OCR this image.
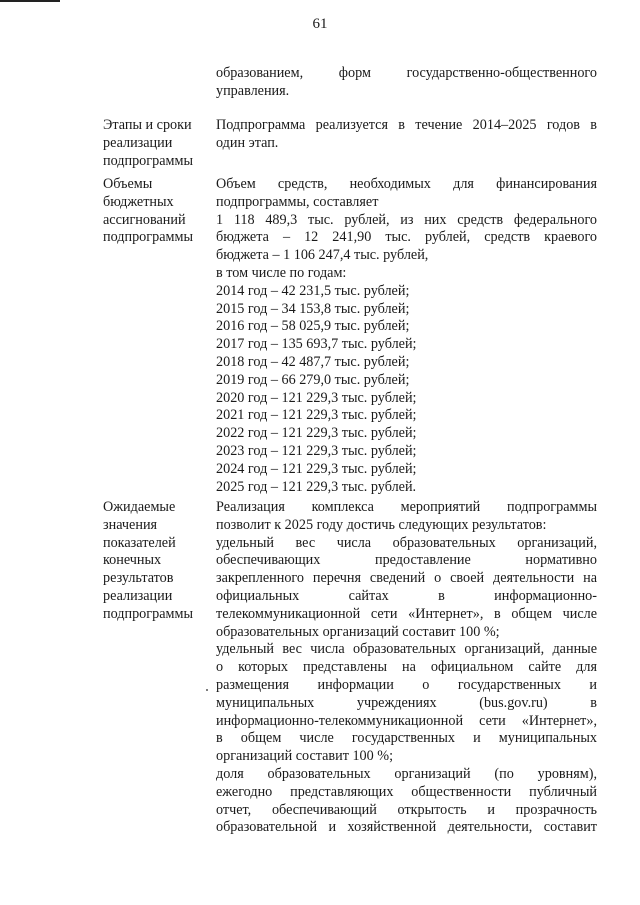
61
образованием, форм государственно-общественного
управления.
Этапы и сроки
реализации
подпрограммы
Подпрограмма реализуется в течение 2014–2025 годов в
один этап.
Объемы
бюджетных
ассигнований
подпрограммы
Объем средств, необходимых для финансирования
подпрограммы, составляет
1 118 489,3 тыс. рублей, из них средств федерального
бюджета – 12 241,90 тыс. рублей, средств краевого
бюджета – 1 106 247,4 тыс. рублей,
в том числе по годам:
2014 год – 42 231,5 тыс. рублей;
2015 год – 34 153,8 тыс. рублей;
2016 год – 58 025,9 тыс. рублей;
2017 год – 135 693,7 тыс. рублей;
2018 год – 42 487,7 тыс. рублей;
2019 год – 66 279,0 тыс. рублей;
2020 год – 121 229,3 тыс. рублей;
2021 год – 121 229,3 тыс. рублей;
2022 год – 121 229,3 тыс. рублей;
2023 год – 121 229,3 тыс. рублей;
2024 год – 121 229,3 тыс. рублей;
2025 год – 121 229,3 тыс. рублей.
Ожидаемые
значения
показателей
конечных
результатов
реализации
подпрограммы
Реализация комплекса мероприятий подпрограммы
позволит к 2025 году достичь следующих результатов:
удельный вес числа образовательных организаций,
обеспечивающих предоставление нормативно
закрепленного перечня сведений о своей деятельности на
официальных сайтах в информационно-
телекоммуникационной сети «Интернет», в общем числе
образовательных организаций составит 100 %;
удельный вес числа образовательных организаций, данные
о которых представлены на официальном сайте для
размещения информации о государственных и
муниципальных учреждениях (bus.gov.ru) в
информационно-телекоммуникационной сети «Интернет»,
в общем числе государственных и муниципальных
организаций составит 100 %;
доля образовательных организаций (по уровням),
ежегодно представляющих общественности публичный
отчет, обеспечивающий открытость и прозрачность
образовательной и хозяйственной деятельности, составит
